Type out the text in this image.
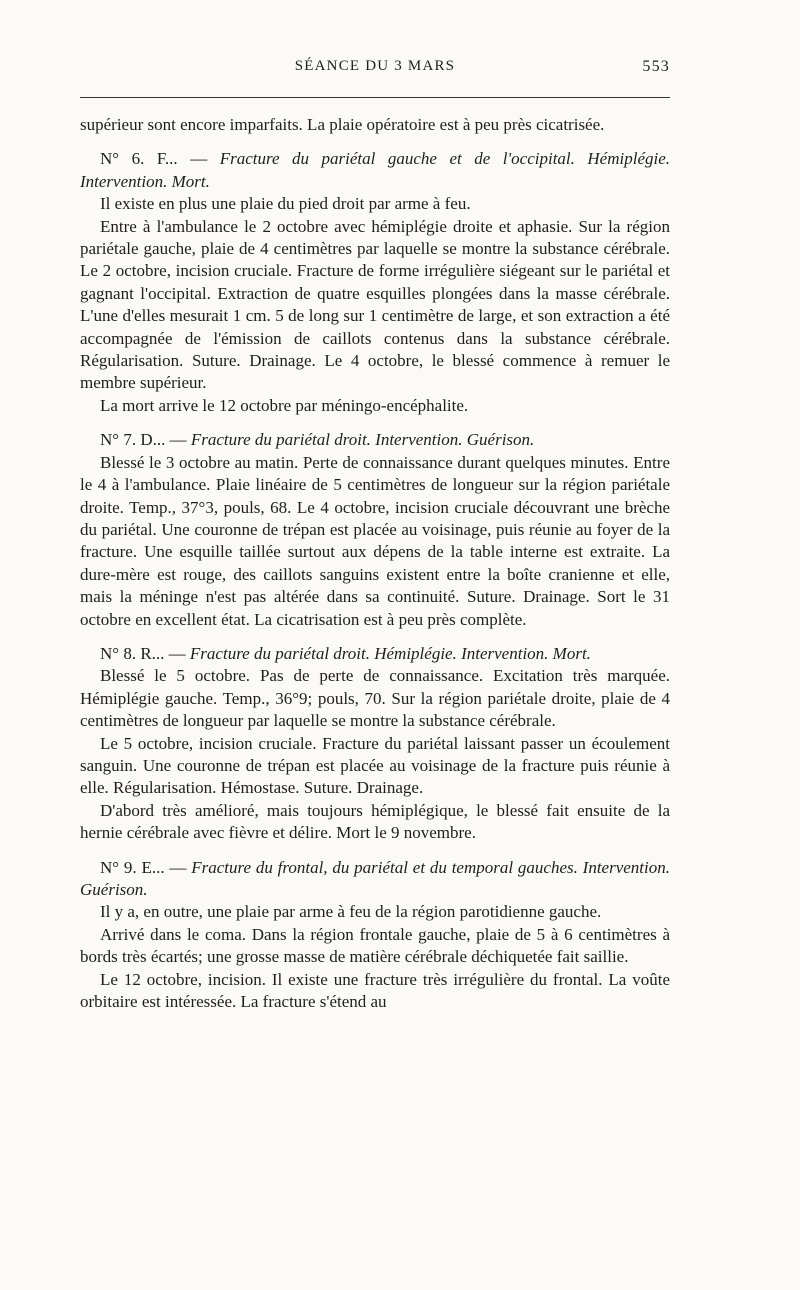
SÉANCE DU 3 MARS	553

supérieur sont encore imparfaits. La plaie opératoire est à peu près cicatrisée.

N° 6. F... — Fracture du pariétal gauche et de l'occipital. Hémiplégie. Intervention. Mort.

Il existe en plus une plaie du pied droit par arme à feu.

Entre à l'ambulance le 2 octobre avec hémiplégie droite et aphasie. Sur la région pariétale gauche, plaie de 4 centimètres par laquelle se montre la substance cérébrale. Le 2 octobre, incision cruciale. Fracture de forme irrégulière siégeant sur le pariétal et gagnant l'occipital. Extraction de quatre esquilles plongées dans la masse cérébrale. L'une d'elles mesurait 1 cm. 5 de long sur 1 centimètre de large, et son extraction a été accompagnée de l'émission de caillots contenus dans la substance cérébrale. Régularisation. Suture. Drainage. Le 4 octobre, le blessé commence à remuer le membre supérieur.

La mort arrive le 12 octobre par méningo-encéphalite.

N° 7. D... — Fracture du pariétal droit. Intervention. Guérison.

Blessé le 3 octobre au matin. Perte de connaissance durant quelques minutes. Entre le 4 à l'ambulance. Plaie linéaire de 5 centimètres de longueur sur la région pariétale droite. Temp., 37°3, pouls, 68. Le 4 octobre, incision cruciale découvrant une brèche du pariétal. Une couronne de trépan est placée au voisinage, puis réunie au foyer de la fracture. Une esquille taillée surtout aux dépens de la table interne est extraite. La dure-mère est rouge, des caillots sanguins existent entre la boîte cranienne et elle, mais la méninge n'est pas altérée dans sa continuité. Suture. Drainage. Sort le 31 octobre en excellent état. La cicatrisation est à peu près complète.

N° 8. R... — Fracture du pariétal droit. Hémiplégie. Intervention. Mort.

Blessé le 5 octobre. Pas de perte de connaissance. Excitation très marquée. Hémiplégie gauche. Temp., 36°9; pouls, 70. Sur la région pariétale droite, plaie de 4 centimètres de longueur par laquelle se montre la substance cérébrale.

Le 5 octobre, incision cruciale. Fracture du pariétal laissant passer un écoulement sanguin. Une couronne de trépan est placée au voisinage de la fracture puis réunie à elle. Régularisation. Hémostase. Suture. Drainage.

D'abord très amélioré, mais toujours hémiplégique, le blessé fait ensuite de la hernie cérébrale avec fièvre et délire. Mort le 9 novembre.

N° 9. E... — Fracture du frontal, du pariétal et du temporal gauches. Intervention. Guérison.

Il y a, en outre, une plaie par arme à feu de la région parotidienne gauche.

Arrivé dans le coma. Dans la région frontale gauche, plaie de 5 à 6 centimètres à bords très écartés; une grosse masse de matière cérébrale déchiquetée fait saillie.

Le 12 octobre, incision. Il existe une fracture très irrégulière du frontal. La voûte orbitaire est intéressée. La fracture s'étend au
